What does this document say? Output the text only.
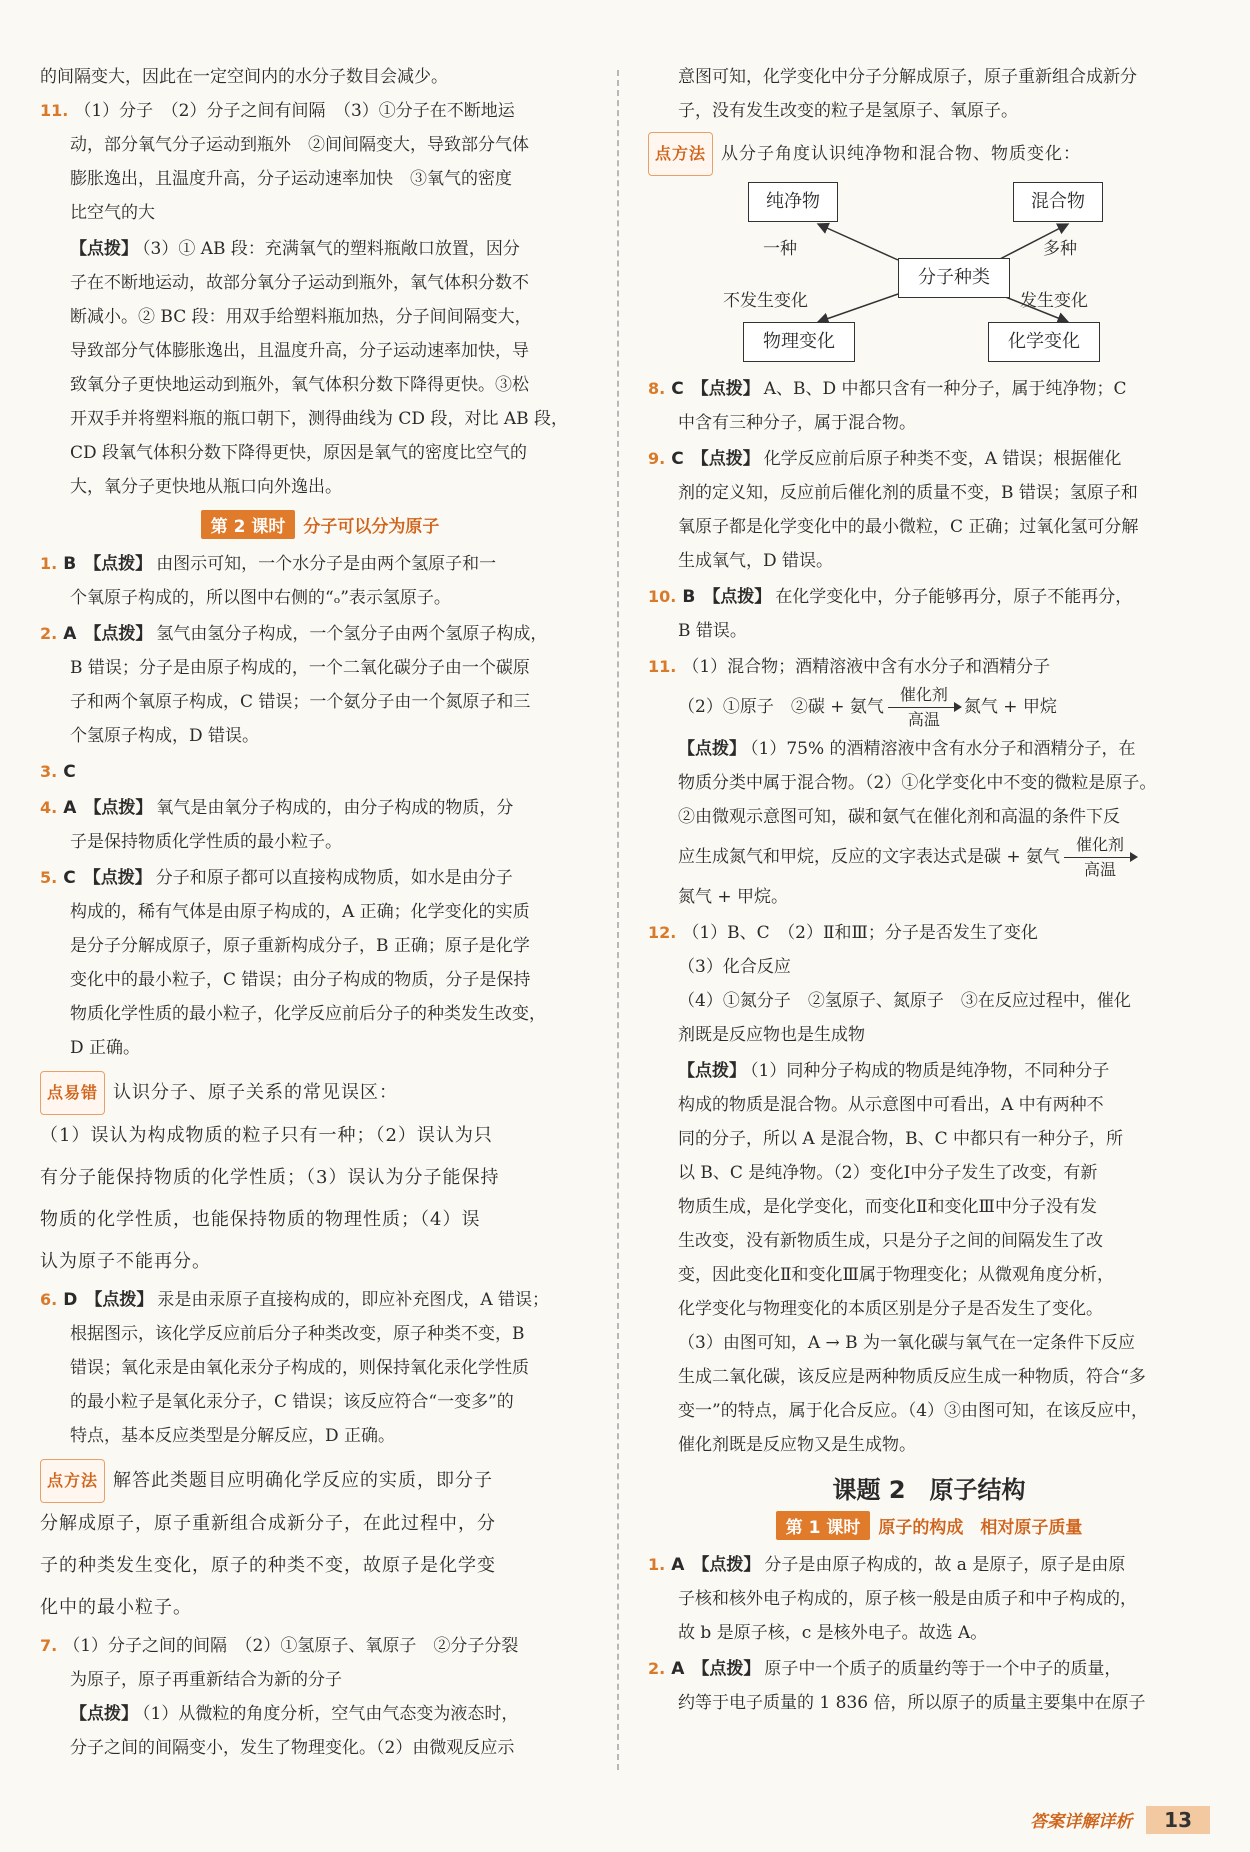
的间隔变大，因此在一定空间内的水分子数目会减少。

11. （1）分子　（2）分子之间有间隔　（3）①分子在不断地运

动，部分氧气分子运动到瓶外　②间间隔变大，导致部分气体

膨胀逸出，且温度升高，分子运动速率加快　③氧气的密度

比空气的大

【点拨】 （3）① AB 段：充满氧气的塑料瓶敞口放置，因分

子在不断地运动，故部分氧分子运动到瓶外，氧气体积分数不

断减小。② BC 段：用双手给塑料瓶加热，分子间间隔变大，

导致部分气体膨胀逸出，且温度升高，分子运动速率加快，导

致氧分子更快地运动到瓶外，氧气体积分数下降得更快。③松

开双手并将塑料瓶的瓶口朝下，测得曲线为 CD 段，对比 AB 段，

CD 段氧气体积分数下降得更快，原因是氧气的密度比空气的

大，氧分子更快地从瓶口向外逸出。

第 2 课时 分子可以分为原子

1. B 【点拨】 由图示可知，一个水分子是由两个氢原子和一

个氧原子构成的，所以图中右侧的“ₒ”表示氢原子。

2. A 【点拨】 氢气由氢分子构成，一个氢分子由两个氢原子构成，

B 错误；分子是由原子构成的，一个二氧化碳分子由一个碳原

子和两个氧原子构成，C 错误；一个氨分子由一个氮原子和三

个氢原子构成，D 错误。

3. C

4. A 【点拨】 氧气是由氧分子构成的，由分子构成的物质，分

子是保持物质化学性质的最小粒子。

5. C 【点拨】 分子和原子都可以直接构成物质，如水是由分子

构成的，稀有气体是由原子构成的，A 正确；化学变化的实质

是分子分解成原子，原子重新构成分子，B 正确；原子是化学

变化中的最小粒子，C 错误；由分子构成的物质，分子是保持

物质化学性质的最小粒子，化学反应前后分子的种类发生改变，

D 正确。

点易错 认识分子、原子关系的常见误区：

（1）误认为构成物质的粒子只有一种；（2）误认为只

有分子能保持物质的化学性质；（3）误认为分子能保持

物质的化学性质，也能保持物质的物理性质；（4）误

认为原子不能再分。

6. D 【点拨】 汞是由汞原子直接构成的，即应补充图戊，A 错误；

根据图示，该化学反应前后分子种类改变，原子种类不变，B

错误；氧化汞是由氧化汞分子构成的，则保持氧化汞化学性质

的最小粒子是氧化汞分子，C 错误；该反应符合“一变多”的

特点，基本反应类型是分解反应，D 正确。

点方法 解答此类题目应明确化学反应的实质，即分子

分解成原子，原子重新组合成新分子，在此过程中，分

子的种类发生变化，原子的种类不变，故原子是化学变

化中的最小粒子。

7. （1）分子之间的间隔　（2）①氢原子、氧原子　②分子分裂

为原子，原子再重新结合为新的分子

【点拨】 （1）从微粒的角度分析，空气由气态变为液态时，

分子之间的间隔变小，发生了物理变化。（2）由微观反应示

意图可知，化学变化中分子分解成原子，原子重新组合成新分

子，没有发生改变的粒子是氢原子、氧原子。

点方法 从分子角度认识纯净物和混合物、物质变化：

纯净物	混合物
分子种类
物理变化	化学变化
一种	多种
不发生变化	发生变化

8. C 【点拨】 A、B、D 中都只含有一种分子，属于纯净物；C

中含有三种分子，属于混合物。

9. C 【点拨】 化学反应前后原子种类不变，A 错误；根据催化

剂的定义知，反应前后催化剂的质量不变，B 错误；氢原子和

氧原子都是化学变化中的最小微粒，C 正确；过氧化氢可分解

生成氧气，D 错误。

10. B 【点拨】 在化学变化中，分子能够再分，原子不能再分，

B 错误。

11. （1）混合物；酒精溶液中含有水分子和酒精分子

（2）①原子　②碳 + 氨气
催化剂
高温
氮气 + 甲烷

【点拨】 （1）75% 的酒精溶液中含有水分子和酒精分子，在

物质分类中属于混合物。（2）①化学变化中不变的微粒是原子。

②由微观示意图可知，碳和氨气在催化剂和高温的条件下反

应生成氮气和甲烷，反应的文字表达式是碳 + 氨气
催化剂
高温

氮气 + 甲烷。

12. （1）B、C　（2）Ⅱ和Ⅲ；分子是否发生了变化

（3）化合反应

（4）①氮分子　②氢原子、氮原子　③在反应过程中，催化

剂既是反应物也是生成物

【点拨】 （1）同种分子构成的物质是纯净物，不同种分子

构成的物质是混合物。从示意图中可看出，A 中有两种不

同的分子，所以 A 是混合物，B、C 中都只有一种分子，所

以 B、C 是纯净物。（2）变化Ⅰ中分子发生了改变，有新

物质生成，是化学变化，而变化Ⅱ和变化Ⅲ中分子没有发

生改变，没有新物质生成，只是分子之间的间隔发生了改

变，因此变化Ⅱ和变化Ⅲ属于物理变化；从微观角度分析，

化学变化与物理变化的本质区别是分子是否发生了变化。

（3）由图可知，A → B 为一氧化碳与氧气在一定条件下反应

生成二氧化碳，该反应是两种物质反应生成一种物质，符合“多

变一”的特点，属于化合反应。（4）③由图可知，在该反应中，

催化剂既是反应物又是生成物。

课题 2　原子结构
第 1 课时 原子的构成　相对原子质量

1. A 【点拨】 分子是由原子构成的，故 a 是原子，原子是由原

子核和核外电子构成的，原子核一般是由质子和中子构成的，

故 b 是原子核，c 是核外电子。故选 A。

2. A 【点拨】 原子中一个质子的质量约等于一个中子的质量，

约等于电子质量的 1 836 倍，所以原子的质量主要集中在原子

答案详解详析 13
